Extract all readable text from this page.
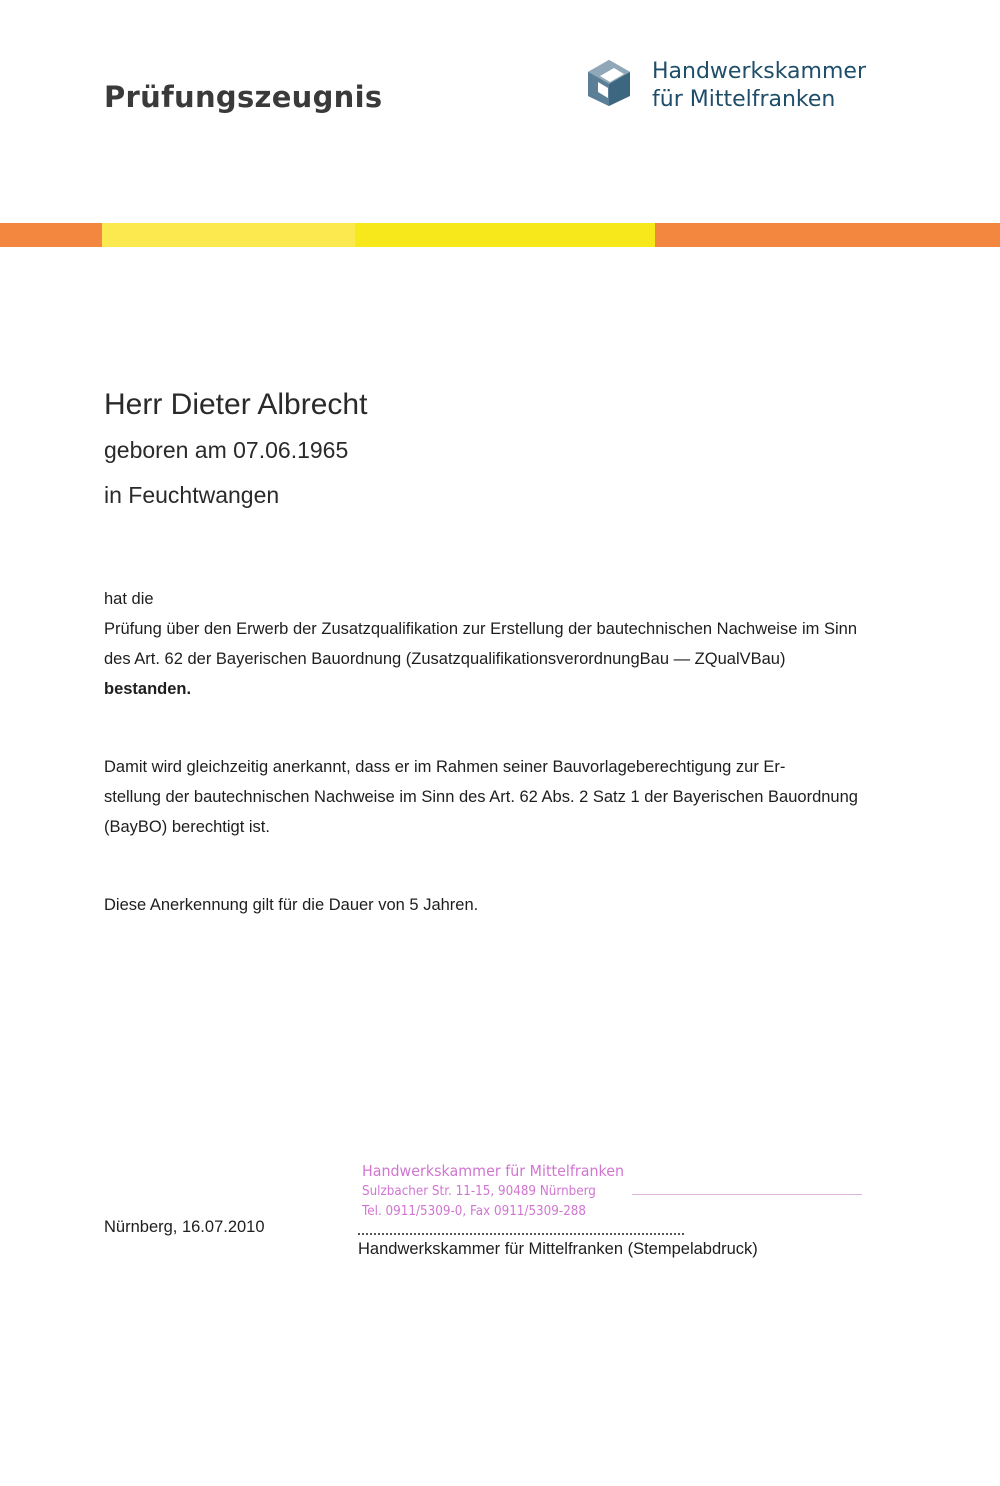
Prüfungszeugnis
Handwerkskammer
für Mittelfranken
Herr Dieter Albrecht
geboren am 07.06.1965
in Feuchtwangen

hat die

Prüfung über den Erwerb der Zusatzqualifikation zur Erstellung der bautechnischen Nachweise im Sinn

des Art. 62 der Bayerischen Bauordnung (ZusatzqualifikationsverordnungBau — ZQualVBau)

bestanden.

Damit wird gleichzeitig anerkannt, dass er im Rahmen seiner Bauvorlageberechtigung zur Er-

stellung der bautechnischen Nachweise im Sinn des Art. 62 Abs. 2 Satz 1 der Bayerischen Bauordnung

(BayBO) berechtigt ist.

Diese Anerkennung gilt für die Dauer von 5 Jahren.

Nürnberg, 16.07.2010
Handwerkskammer für Mittelfranken
Sulzbacher Str. 11-15, 90489 Nürnberg
Tel. 0911/5309-0, Fax 0911/5309-288
Handwerkskammer für Mittelfranken (Stempelabdruck)
